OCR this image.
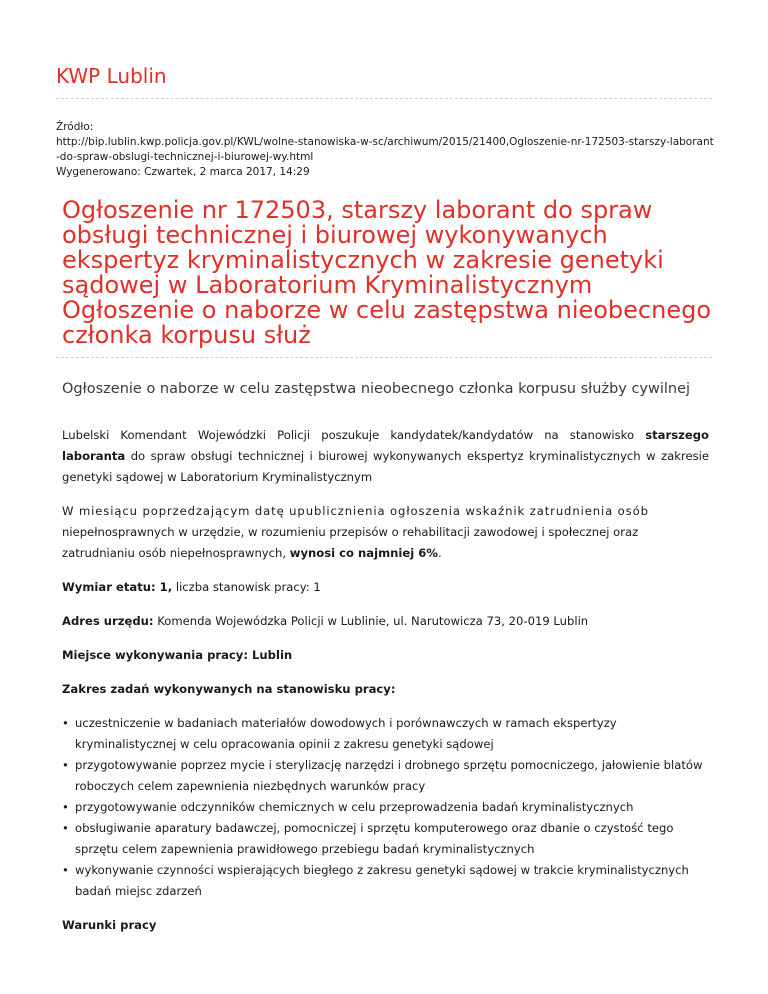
KWP Lublin
Źródło:
http://bip.lublin.kwp.policja.gov.pl/KWL/wolne-stanowiska-w-sc/archiwum/2015/21400,Ogloszenie-nr-172503-starszy-laborant-do-spraw-obslugi-technicznej-i-biurowej-wy.html
Wygenerowano: Czwartek, 2 marca 2017, 14:29
Ogłoszenie nr 172503, starszy laborant do spraw obsługi technicznej i biurowej wykonywanych ekspertyz kryminalistycznych w zakresie genetyki sądowej w Laboratorium Kryminalistycznym Ogłoszenie o naborze w celu zastępstwa nieobecnego członka korpusu służ
Ogłoszenie o naborze w celu zastępstwa nieobecnego członka korpusu służby cywilnej

Lubelski Komendant Wojewódzki Policji poszukuje kandydatek/kandydatów na stanowisko starszego laboranta do spraw obsługi technicznej i biurowej wykonywanych ekspertyz kryminalistycznych w zakresie genetyki sądowej w Laboratorium Kryminalistycznym

W miesiącu poprzedzającym datę upublicznienia ogłoszenia wskaźnik zatrudnienia osób niepełnosprawnych w urzędzie, w rozumieniu przepisów o rehabilitacji zawodowej i społecznej oraz zatrudnianiu osób niepełnosprawnych, wynosi co najmniej 6%.

Wymiar etatu: 1, liczba stanowisk pracy: 1

Adres urzędu: Komenda Wojewódzka Policji w Lublinie, ul. Narutowicza 73, 20-019 Lublin

Miejsce wykonywania pracy: Lublin

Zakres zadań wykonywanych na stanowisku pracy:

• uczestniczenie w badaniach materiałów dowodowych i porównawczych w ramach ekspertyzy kryminalistycznej w celu opracowania opinii z zakresu genetyki sądowej
• przygotowywanie poprzez mycie i sterylizację narzędzi i drobnego sprzętu pomocniczego, jałowienie blatów roboczych celem zapewnienia niezbędnych warunków pracy
• przygotowywanie odczynników chemicznych w celu przeprowadzenia badań kryminalistycznych
• obsługiwanie aparatury badawczej, pomocniczej i sprzętu komputerowego oraz dbanie o czystość tego sprzętu celem zapewnienia prawidłowego przebiegu badań kryminalistycznych
• wykonywanie czynności wspierających biegłego z zakresu genetyki sądowej w trakcie kryminalistycznych badań miejsc zdarzeń

Warunki pracy
